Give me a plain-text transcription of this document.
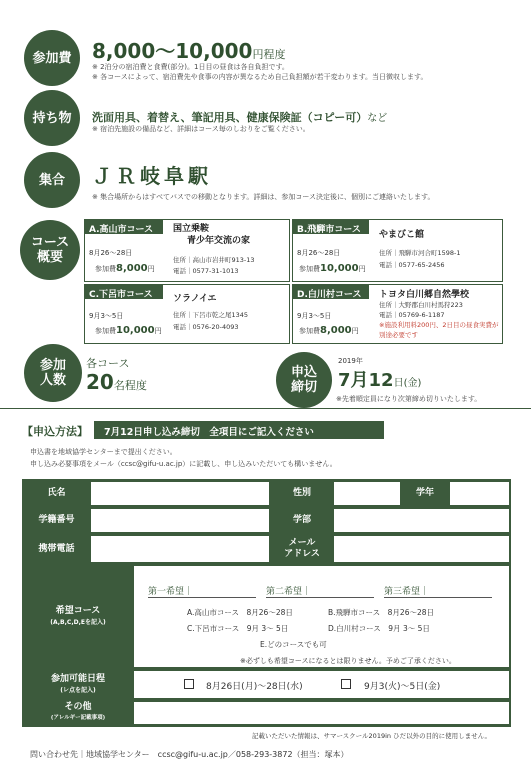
参加費 8,000～10,000円程度
※ 2泊分の宿泊費と食費(部分)。1日目の昼食は各自負担です。
※ 各コースによって、宿泊費先や食事の内容が異なるため自己負担額が若干変わります。当日徴収します。
持ち物 洗面用具、着替え、筆記用具、健康保険証（コピー可）など
※ 宿泊先施設の備品など、詳細はコース毎のしおりをご覧ください。
集合 ＪＲ岐阜駅
※ 集合場所からはすべてバスでの移動となります。詳細は、参加コース決定後に、個別にご連絡いたします。
コース
概要
A.高山市コース
8月26～28日
参加費8,000円
国立乗鞍
青少年交流の家
住所｜高山市岩井町913-13
電話｜0577-31-1013
B.飛騨市コース
8月26～28日
参加費10,000円
やまびこ館
住所｜飛騨市河合町1598-1
電話｜0577-65-2456
C.下呂市コース
9月3～5日
参加費10,000円
ソラノイエ
住所｜下呂市乾之尾1345
電話｜0576-20-4093
D.白川村コース
9月3～5日
参加費8,000円
トヨタ白川郷自然學校
住所｜大野郡白川村馬狩223
電話｜05769-6-1187
※施設利用料200円、2日目の昼食実費が別途必要です
参加
人数
各コース
20名程度
申込
締切
2019年
7月12日(金)
※先着順定員になり次第締め切りいたします。
【申込方法】	7月12日申し込み締切　全項目にご記入ください
申込書を地域協学センターまで提出ください。
申し込み必要事項をメール（ccsc@gifu-u.ac.jp）に記載し、申し込みいただいても構いません。
氏名	性別	学年
学籍番号	学部
携帯電話
メール
アドレス
希望コース
(A,B,C,D,Eを記入)
第一希望｜	第二希望｜	第三希望｜
A.高山市コース　8月26～28日	B.飛騨市コース　8月26～28日
C.下呂市コース　9月 3～ 5日	D.白川村コース　9月 3～ 5日
E.どのコースでも可
※必ずしも希望コースになるとは限りません。予めご了承ください。
参加可能日程
(レ点を記入)	8月26日(月)～28日(水)	9月3(火)～5日(金)
その他
(アレルギー記載事項)
記載いただいた情報は、サマースクール2019in ひだ以外の目的に使用しません。
問い合わせ先｜地域協学センター　ccsc@gifu-u.ac.jp／058-293-3872（担当：塚本）
